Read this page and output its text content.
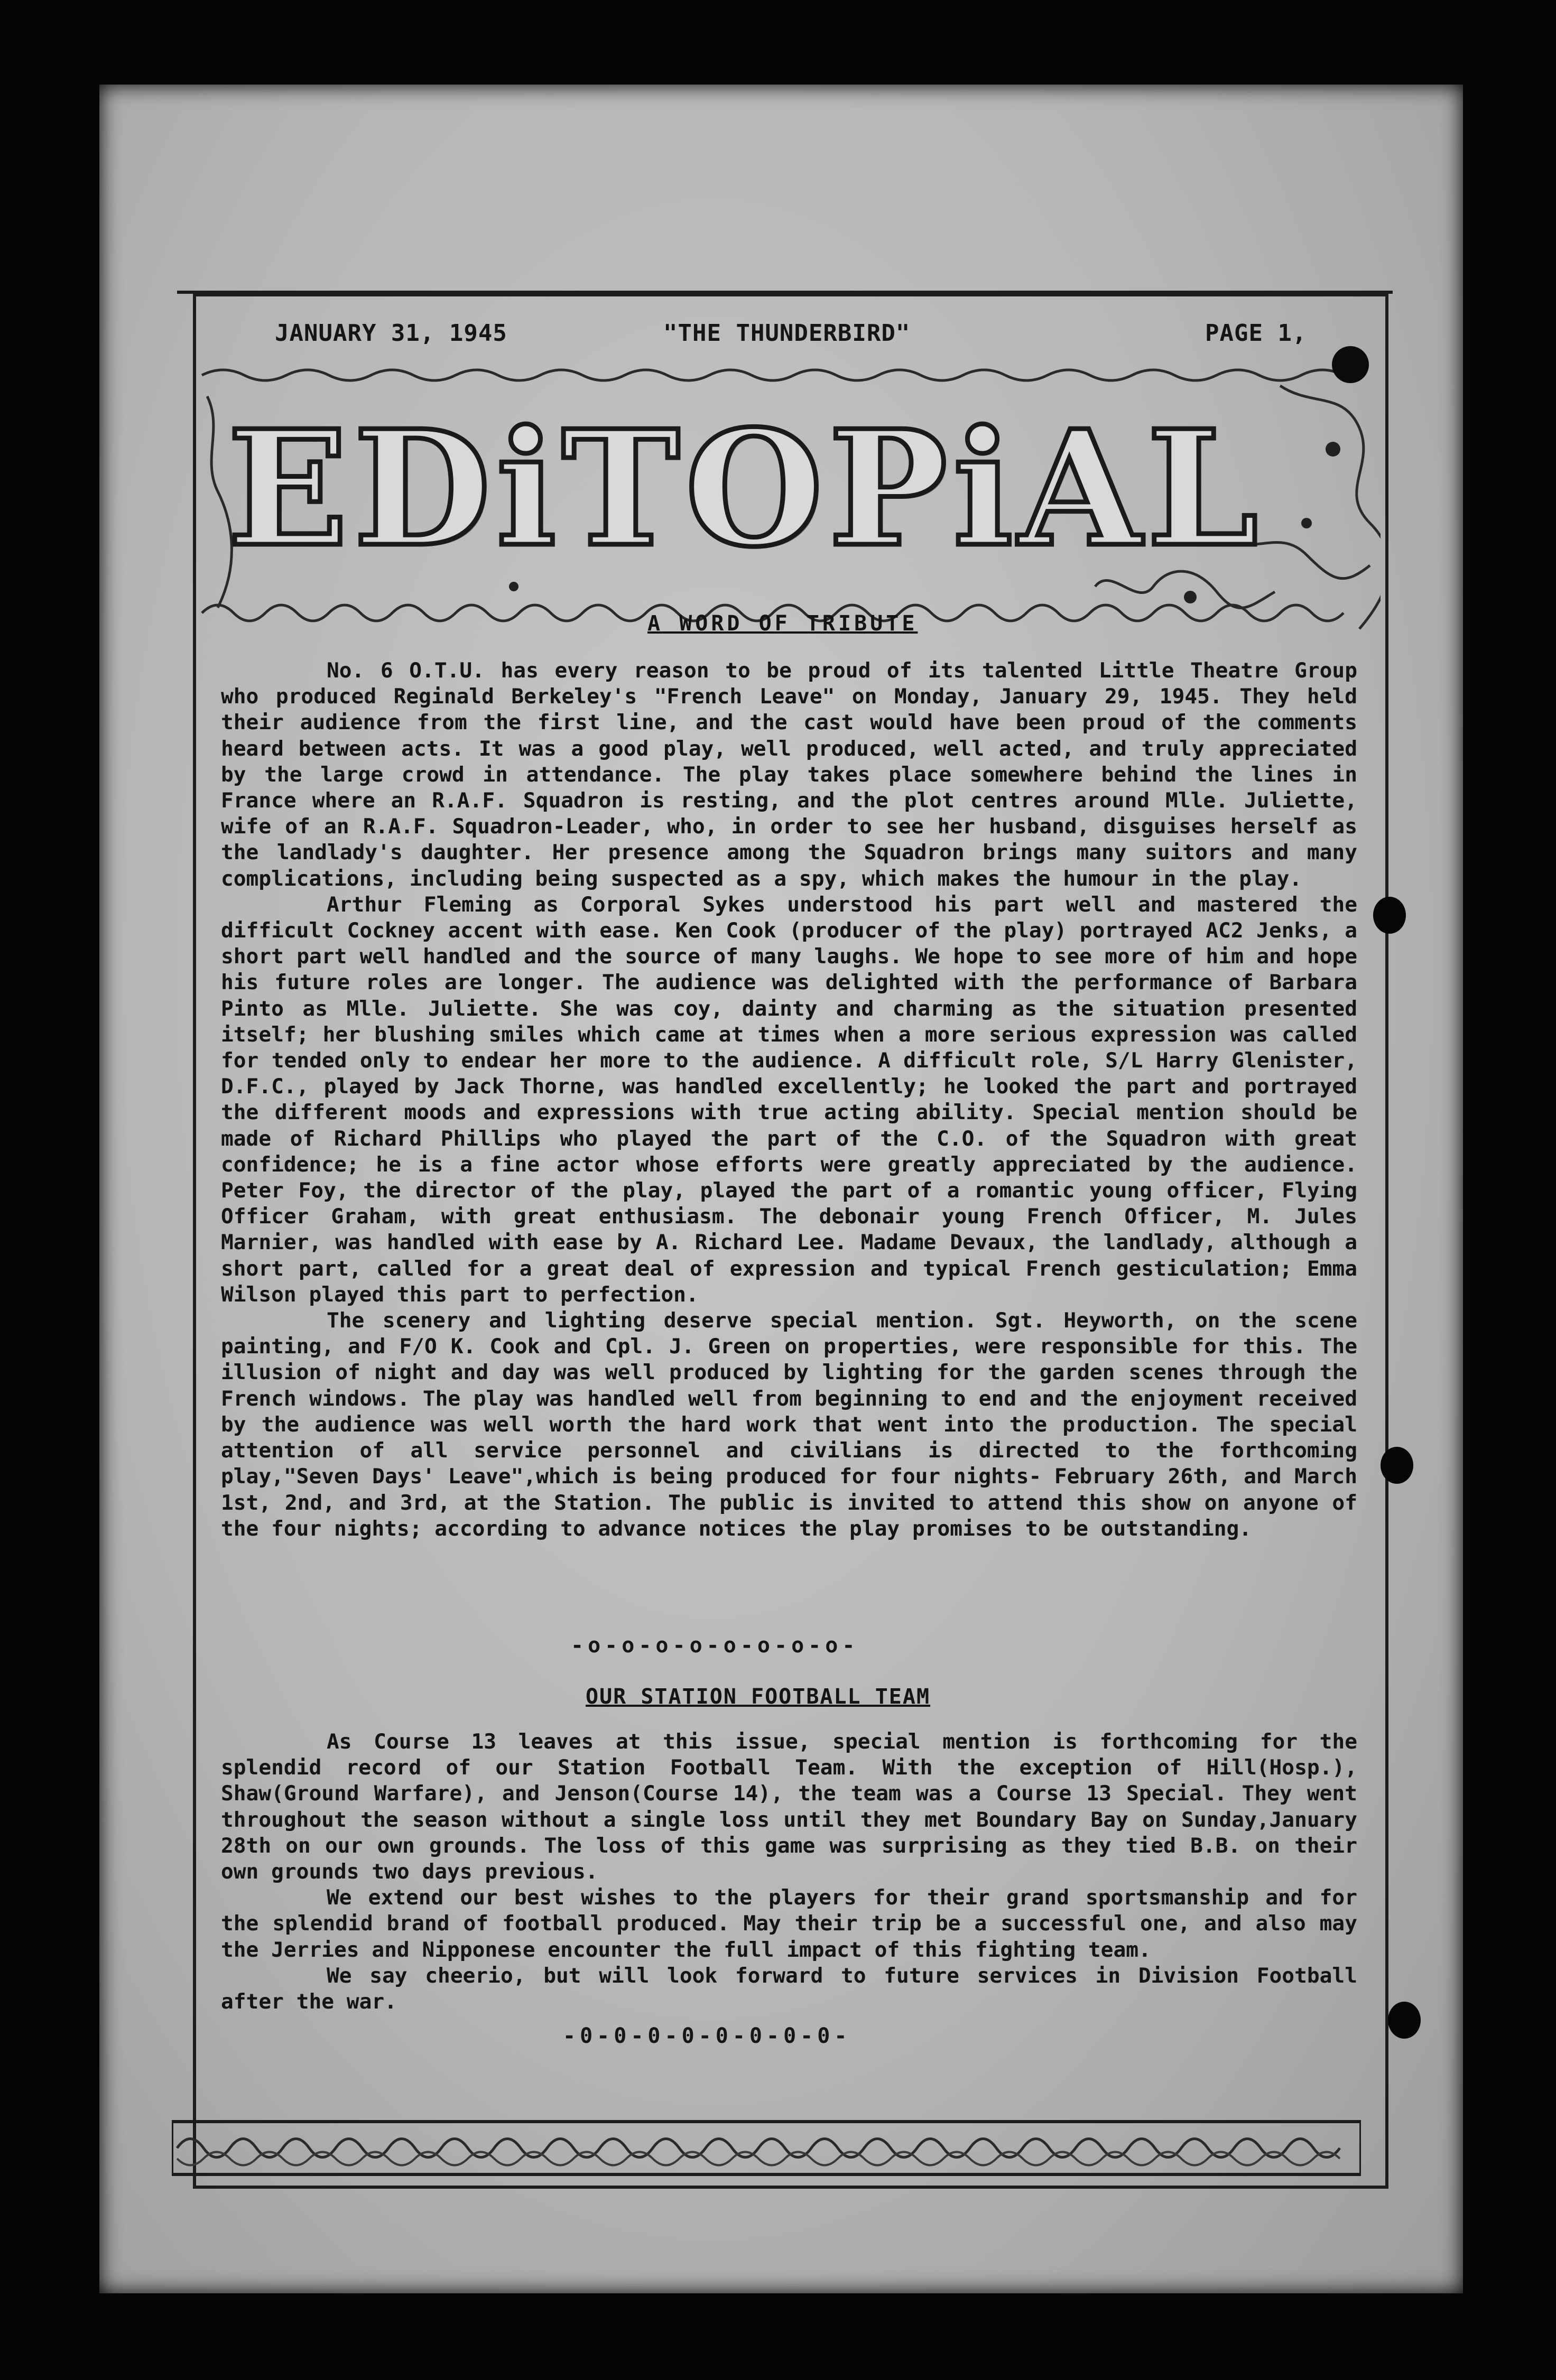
JANUARY 31, 1945	"THE THUNDERBIRD"	PAGE 1,
EDiTOPiAL
A WORD OF TRIBUTE

No. 6 O.T.U. has every reason to be proud of its talented Little Theatre Group who produced Reginald Berkeley's "French Leave" on Monday, January 29, 1945. They held their audience from the first line, and the cast would have been proud of the comments heard between acts. It was a good play, well produced, well acted, and truly appreciated by the large crowd in attendance. The play takes place somewhere behind the lines in France where an R.A.F. Squadron is resting, and the plot centres around Mlle. Juliette, wife of an R.A.F. Squadron-Leader, who, in order to see her husband, disguises herself as the landlady's daughter. Her presence among the Squadron brings many suitors and many complications, including being suspected as a spy, which makes the humour in the play.

Arthur Fleming as Corporal Sykes understood his part well and mastered the difficult Cockney accent with ease. Ken Cook (producer of the play) portrayed AC2 Jenks, a short part well handled and the source of many laughs. We hope to see more of him and hope his future roles are longer. The audience was delighted with the performance of Barbara Pinto as Mlle. Juliette. She was coy, dainty and charming as the situation presented itself; her blushing smiles which came at times when a more serious expression was called for tended only to endear her more to the audience. A difficult role, S/L Harry Glenister, D.F.C., played by Jack Thorne, was handled excellently; he looked the part and portrayed the different moods and expressions with true acting ability. Special mention should be made of Richard Phillips who played the part of the C.O. of the Squadron with great confidence; he is a fine actor whose efforts were greatly appreciated by the audience. Peter Foy, the director of the play, played the part of a romantic young officer, Flying Officer Graham, with great enthusiasm. The debonair young French Officer, M. Jules Marnier, was handled with ease by A. Richard Lee. Madame Devaux, the landlady, although a short part, called for a great deal of expression and typical French gesticulation; Emma Wilson played this part to perfection.

The scenery and lighting deserve special mention. Sgt. Heyworth, on the scene painting, and F/O K. Cook and Cpl. J. Green on properties, were responsible for this. The illusion of night and day was well produced by lighting for the garden scenes through the French windows. The play was handled well from beginning to end and the enjoyment received by the audience was well worth the hard work that went into the production. The special attention of all service personnel and civilians is directed to the forthcoming play,"Seven Days' Leave",which is being produced for four nights- February 26th, and March 1st, 2nd, and 3rd, at the Station. The public is invited to attend this show on anyone of the four nights; according to advance notices the play promises to be outstanding.

-o-o-o-o-o-o-o-o-
OUR STATION FOOTBALL TEAM

As Course 13 leaves at this issue, special mention is forthcoming for the splendid record of our Station Football Team. With the exception of Hill(Hosp.), Shaw(Ground Warfare), and Jenson(Course 14), the team was a Course 13 Special. They went throughout the season without a single loss until they met Boundary Bay on Sunday,January 28th on our own grounds. The loss of this game was surprising as they tied B.B. on their own grounds two days previous.

We extend our best wishes to the players for their grand sportsmanship and for the splendid brand of football produced. May their trip be a successful one, and also may the Jerries and Nipponese encounter the full impact of this fighting team.

We say cheerio, but will look forward to future services in Division Football after the war.

-0-0-0-0-0-0-0-0-
